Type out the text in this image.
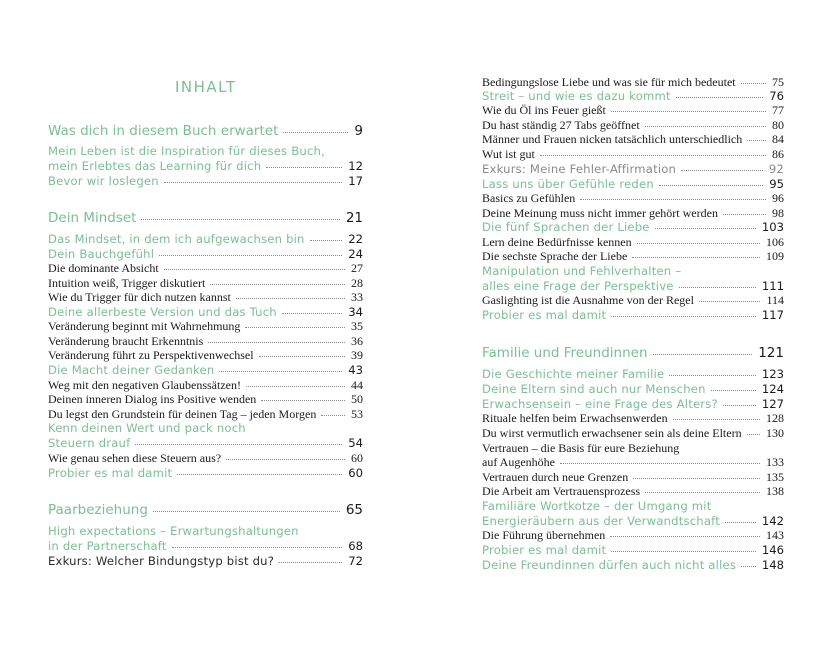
INHALT
Was dich in diesem Buch erwartet	9
Mein Leben ist die Inspiration für dieses Buch,
mein Erlebtes das Learning für dich	12
Bevor wir loslegen	17
Dein Mindset	21
Das Mindset, in dem ich aufgewachsen bin	22
Dein Bauchgefühl	24
Die dominante Absicht	27
Intuition weiß, Trigger diskutiert	28
Wie du Trigger für dich nutzen kannst	33
Deine allerbeste Version und das Tuch	34
Veränderung beginnt mit Wahrnehmung	35
Veränderung braucht Erkenntnis	36
Veränderung führt zu Perspektivenwechsel	39
Die Macht deiner Gedanken	43
Weg mit den negativen Glaubenssätzen!	44
Deinen inneren Dialog ins Positive wenden	50
Du legst den Grundstein für deinen Tag – jeden Morgen	53
Kenn deinen Wert und pack noch
Steuern drauf	54
Wie genau sehen diese Steuern aus?	60
Probier es mal damit	60
Paarbeziehung	65
High expectations – Erwartungshaltungen
in der Partnerschaft	68
Exkurs: Welcher Bindungstyp bist du?	72
Bedingungslose Liebe und was sie für mich bedeutet	75
Streit – und wie es dazu kommt	76
Wie du Öl ins Feuer gießt	77
Du hast ständig 27 Tabs geöffnet	80
Männer und Frauen nicken tatsächlich unterschiedlich 84
Wut ist gut	86
Exkurs: Meine Fehler-Affirmation	92
Lass uns über Gefühle reden	95
Basics zu Gefühlen	96
Deine Meinung muss nicht immer gehört werden	98
Die fünf Sprachen der Liebe	103
Lern deine Bedürfnisse kennen	106
Die sechste Sprache der Liebe	109
Manipulation und Fehlverhalten –
alles eine Frage der Perspektive	111
Gaslighting ist die Ausnahme von der Regel	114
Probier es mal damit	117
Familie und Freundinnen	121
Die Geschichte meiner Familie	123
Deine Eltern sind auch nur Menschen	124
Erwachsensein – eine Frage des Alters?	127
Rituale helfen beim Erwachsenwerden	128
Du wirst vermutlich erwachsener sein als deine Eltern 130
Vertrauen – die Basis für eure Beziehung
auf Augenhöhe	133
Vertrauen durch neue Grenzen	135
Die Arbeit am Vertrauensprozess	138
Familiäre Wortkotze – der Umgang mit
Energieräubern aus der Verwandtschaft	142
Die Führung übernehmen	143
Probier es mal damit	146
Deine Freundinnen dürfen auch nicht alles 148
